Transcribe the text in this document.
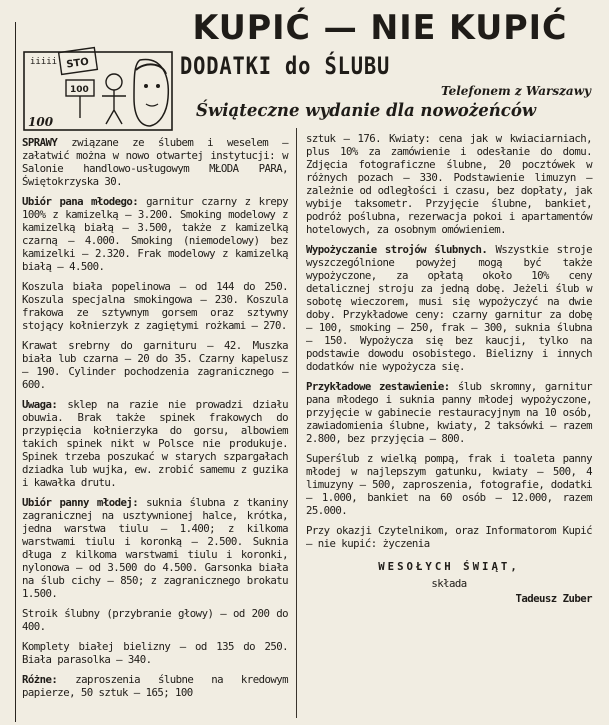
iiiii STO
100
100
KUPIĆ — NIE KUPIĆ
DODATKI do ŚLUBU
Telefonem z Warszawy
Świąteczne wydanie dla nowożeńców

SPRAWY związane ze ślubem i weselem — załatwić można w nowo otwartej instytucji: w Salonie handlowo-usługowym MŁODA PARA, Świętokrzyska 30.

Ubiór pana młodego: garnitur czarny z krepy 100% z kamizelką — 3.200. Smoking modelowy z kamizelką białą — 3.500, także z kamizelką czarną — 4.000. Smoking (niemodelowy) bez kamizelki — 2.320. Frak modelowy z kamizelką białą — 4.500.

Koszula biała popelinowa — od 144 do 250. Koszula specjalna smokingowa — 230. Koszula frakowa ze sztywnym gorsem oraz sztywny stojący kołnierzyk z zagiętymi rożkami — 270.

Krawat srebrny do garnituru — 42. Muszka biała lub czarna — 20 do 35. Czarny kapelusz — 190. Cylinder pochodzenia zagranicznego — 600.

Uwaga: sklep na razie nie prowadzi działu obuwia. Brak także spinek frakowych do przypięcia kołnierzyka do gorsu, albowiem takich spinek nikt w Polsce nie produkuje. Spinek trzeba poszukać w starych szpargałach dziadka lub wujka, ew. zrobić samemu z guzika i kawałka drutu.

Ubiór panny młodej: suknia ślubna z tkaniny zagranicznej na usztywnionej halce, krótka, jedna warstwa tiulu — 1.400; z kilkoma warstwami tiulu i koronką — 2.500. Suknia długa z kilkoma warstwami tiulu i koronki, nylonowa — od 3.500 do 4.500. Garsonka biała na ślub cichy — 850; z zagranicznego brokatu 1.500.

Stroik ślubny (przybranie głowy) — od 200 do 400.

Komplety białej bielizny — od 135 do 250. Biała parasolka — 340.

Różne: zaproszenia ślubne na kredowym papierze, 50 sztuk — 165; 100

sztuk — 176. Kwiaty: cena jak w kwiaciarniach, plus 10% za zamówienie i odesłanie do domu. Zdjęcia fotograficzne ślubne, 20 pocztówek w różnych pozach — 330. Podstawienie limuzyn — zależnie od odległości i czasu, bez dopłaty, jak wybije taksometr. Przyjęcie ślubne, bankiet, podróż poślubna, rezerwacja pokoi i apartamentów hotelowych, za osobnym omówieniem.

Wypożyczanie strojów ślubnych. Wszystkie stroje wyszczególnione powyżej mogą być także wypożyczone, za opłatą około 10% ceny detalicznej stroju za jedną dobę. Jeżeli ślub w sobotę wieczorem, musi się wypożyczyć na dwie doby. Przykładowe ceny: czarny garnitur za dobę — 100, smoking — 250, frak — 300, suknia ślubna — 150. Wypożycza się bez kaucji, tylko na podstawie dowodu osobistego. Bielizny i innych dodatków nie wypożycza się.

Przykładowe zestawienie: ślub skromny, garnitur pana młodego i suknia panny młodej wypożyczone, przyjęcie w gabinecie restauracyjnym na 10 osób, zawiadomienia ślubne, kwiaty, 2 taksówki — razem 2.800, bez przyjęcia — 800.

Superślub z wielką pompą, frak i toaleta panny młodej w najlepszym gatunku, kwiaty — 500, 4 limuzyny — 500, zaproszenia, fotografie, dodatki — 1.000, bankiet na 60 osób — 12.000, razem 25.000.

Przy okazji Czytelnikom, oraz Informatorom Kupić — nie kupić: życzenia

WESOŁYCH ŚWIĄT,
składa
Tadeusz Zuber
